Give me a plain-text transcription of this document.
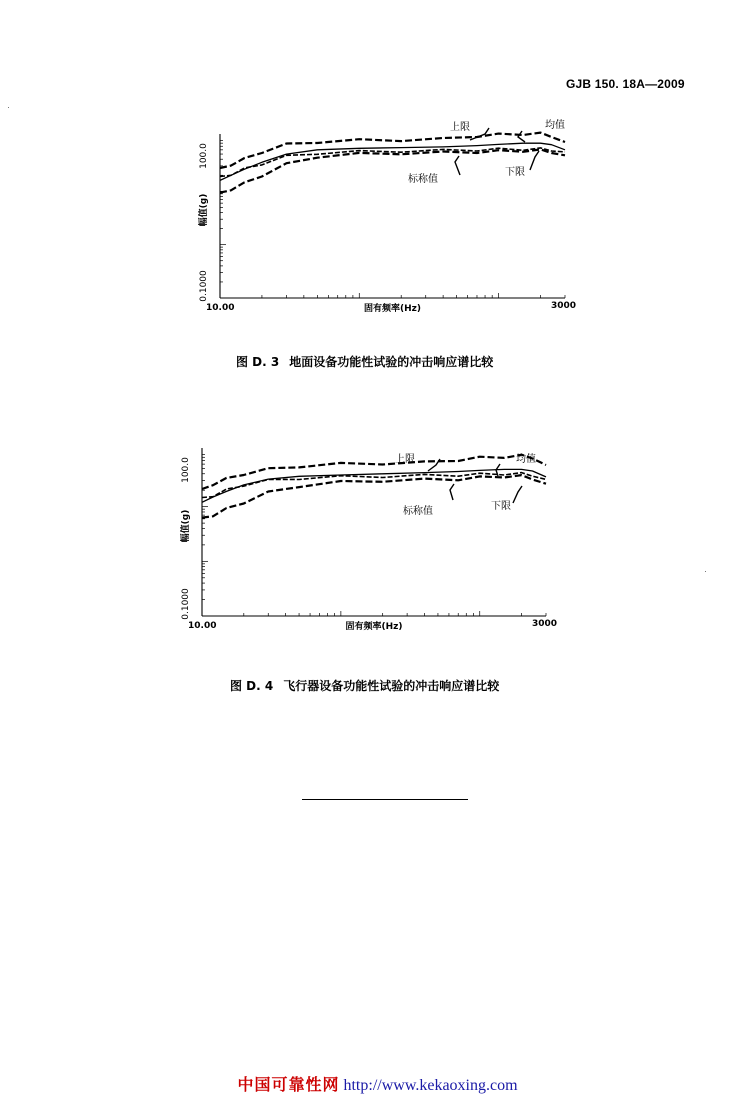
GJB 150. 18A—2009
100.0
0.1000
10.00	3000
固有频率(Hz)
幅值(g)
上限	均值
标称值
下限
图 D. 3 地面设备功能性试验的冲击响应谱比较
100.0
0.1000
10.00	3000
固有频率(Hz)
幅值(g)
上限	均值
标称值	下限
图 D. 4 飞行器设备功能性试验的冲击响应谱比较
中国可靠性网 http://www.kekaoxing.com
